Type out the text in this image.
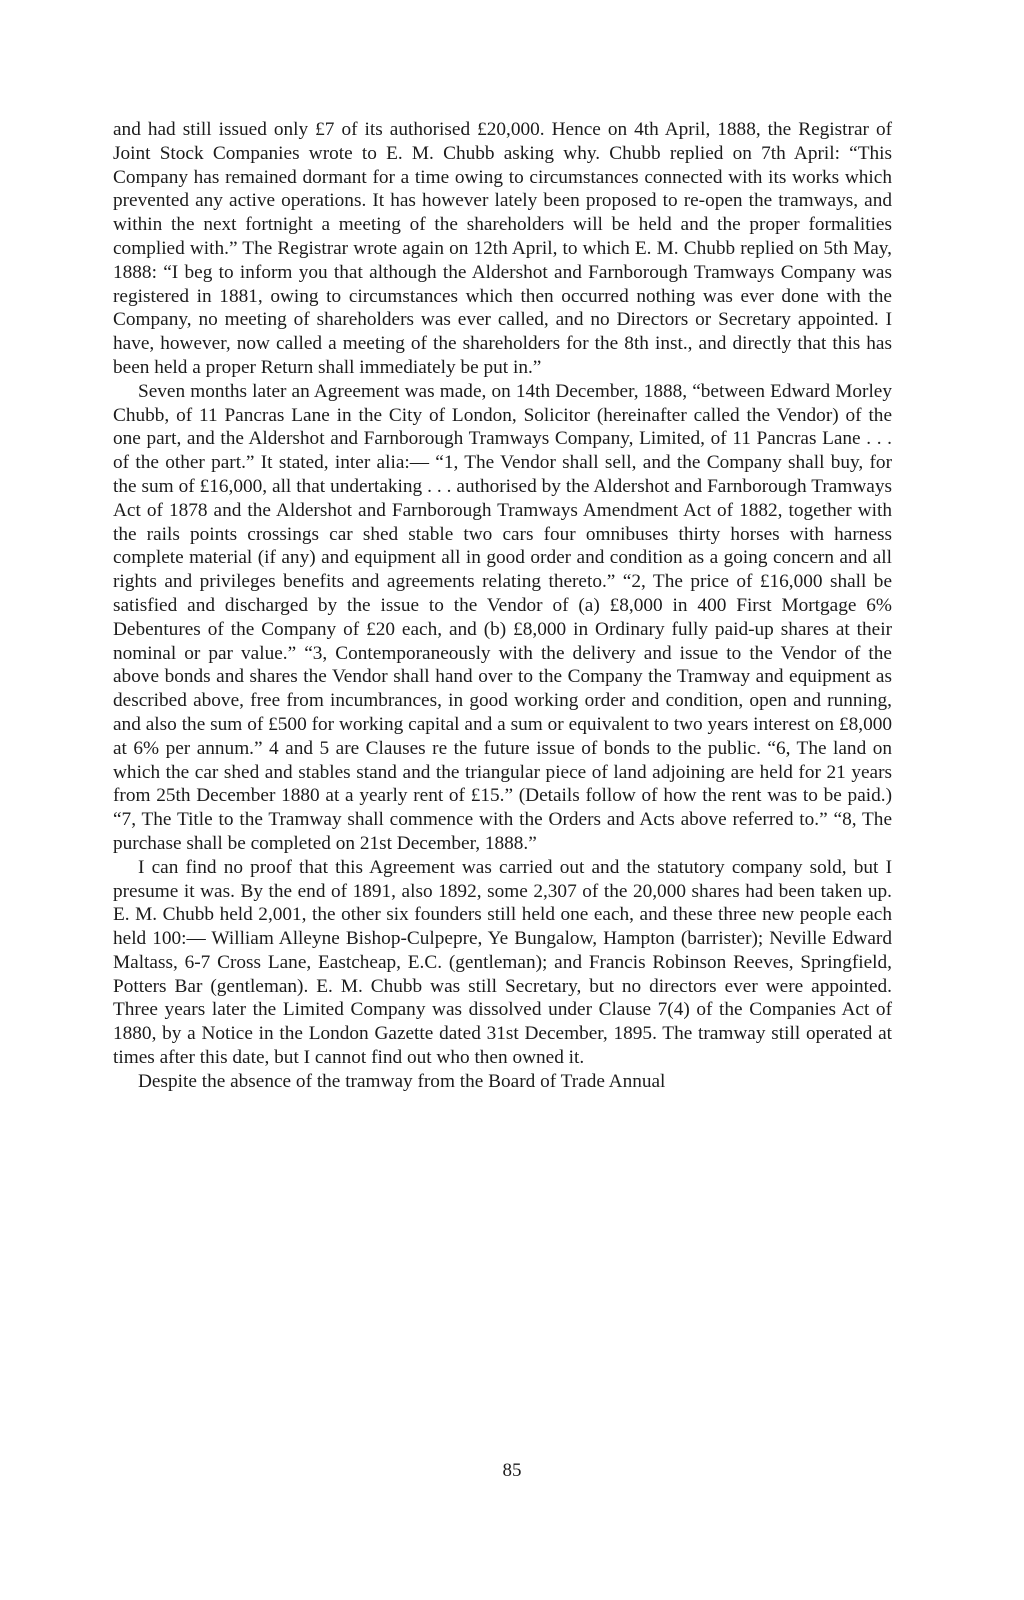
and had still issued only £7 of its authorised £20,000. Hence on 4th April, 1888, the Registrar of Joint Stock Companies wrote to E. M. Chubb asking why. Chubb replied on 7th April: “This Company has remained dormant for a time owing to circumstances connected with its works which prevented any active operations. It has however lately been proposed to re-open the tramways, and within the next fortnight a meeting of the shareholders will be held and the proper formalities complied with.” The Registrar wrote again on 12th April, to which E. M. Chubb replied on 5th May, 1888: “I beg to inform you that although the Aldershot and Farnborough Tramways Company was registered in 1881, owing to circumstances which then occurred nothing was ever done with the Company, no meeting of shareholders was ever called, and no Directors or Secretary appointed. I have, however, now called a meeting of the shareholders for the 8th inst., and directly that this has been held a proper Return shall immediately be put in.”

Seven months later an Agreement was made, on 14th December, 1888, “between Edward Morley Chubb, of 11 Pancras Lane in the City of London, Solicitor (hereinafter called the Vendor) of the one part, and the Aldershot and Farnborough Tramways Company, Limited, of 11 Pancras Lane . . . of the other part.” It stated, inter alia:— “1, The Vendor shall sell, and the Company shall buy, for the sum of £16,000, all that undertaking . . . authorised by the Aldershot and Farnborough Tramways Act of 1878 and the Aldershot and Farnborough Tramways Amendment Act of 1882, together with the rails points crossings car shed stable two cars four omnibuses thirty horses with harness complete material (if any) and equipment all in good order and condition as a going concern and all rights and privileges benefits and agreements relating thereto.” “2, The price of £16,000 shall be satisfied and discharged by the issue to the Vendor of (a) £8,000 in 400 First Mortgage 6% Debentures of the Company of £20 each, and (b) £8,000 in Ordinary fully paid-up shares at their nominal or par value.” “3, Contemporaneously with the delivery and issue to the Vendor of the above bonds and shares the Vendor shall hand over to the Company the Tramway and equipment as described above, free from incumbrances, in good working order and condition, open and running, and also the sum of £500 for working capital and a sum or equivalent to two years interest on £8,000 at 6% per annum.” 4 and 5 are Clauses re the future issue of bonds to the public. “6, The land on which the car shed and stables stand and the triangular piece of land adjoining are held for 21 years from 25th December 1880 at a yearly rent of £15.” (Details follow of how the rent was to be paid.) “7, The Title to the Tramway shall commence with the Orders and Acts above referred to.” “8, The purchase shall be completed on 21st December, 1888.”

I can find no proof that this Agreement was carried out and the statutory company sold, but I presume it was. By the end of 1891, also 1892, some 2,307 of the 20,000 shares had been taken up. E. M. Chubb held 2,001, the other six founders still held one each, and these three new people each held 100:— William Alleyne Bishop-Culpepre, Ye Bungalow, Hampton (barrister); Neville Edward Maltass, 6-7 Cross Lane, Eastcheap, E.C. (gentleman); and Francis Robinson Reeves, Springfield, Potters Bar (gentleman). E. M. Chubb was still Secretary, but no directors ever were appointed. Three years later the Limited Company was dissolved under Clause 7(4) of the Companies Act of 1880, by a Notice in the London Gazette dated 31st December, 1895. The tramway still operated at times after this date, but I cannot find out who then owned it.

Despite the absence of the tramway from the Board of Trade Annual

85
